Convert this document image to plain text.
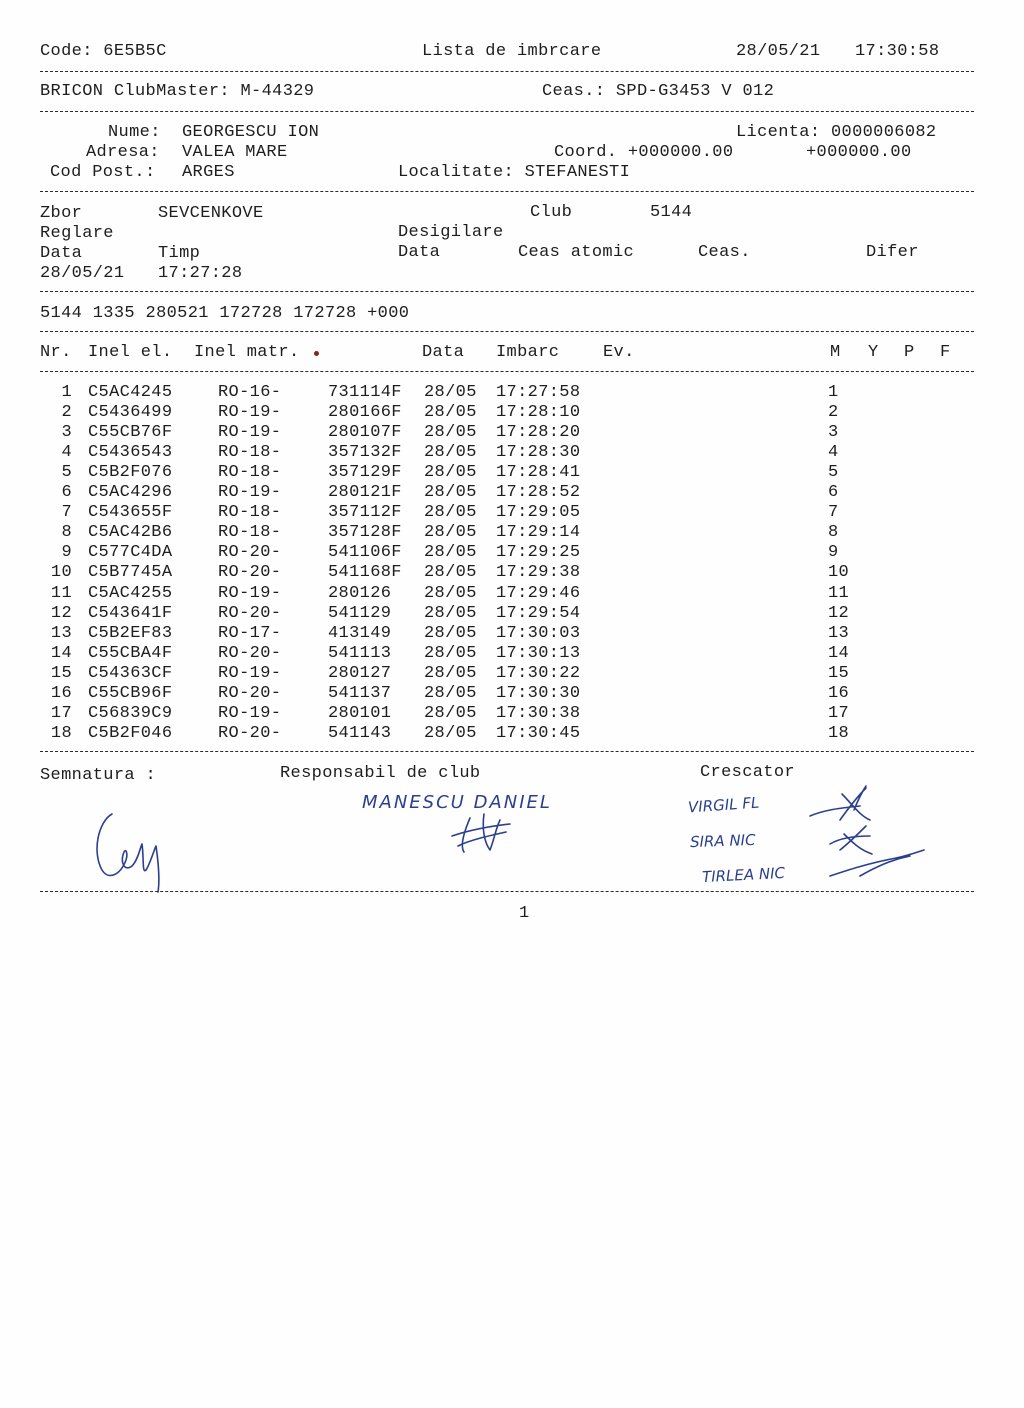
Code: 6E5B5C	Lista de imbrcare	28/05/21 17:30:58
BRICON ClubMaster: M-44329	Ceas.: SPD-G3453 V 012
Nume: GEORGESCU ION	Licenta: 0000006082
Adresa: VALEA MARE	Coord. +000000.00	+000000.00
Cod Post.: ARGES	Localitate: STEFANESTI
Zbor	SEVCENKOVE	Club	5144
Reglare	Desigilare
Data	Timp	Data	Ceas atomic	Ceas.	Difer
28/05/21 17:27:28
5144 1335 280521 172728 172728 +000
Nr. Inel el. Inel matr.	Data Imbarc	Ev.	M Y P F
1 C5AC4245	RO-16-	731114F 28/05 17:27:58	1
2 C5436499	RO-19-	280166F 28/05 17:28:10	2
3 C55CB76F	RO-19-	280107F 28/05 17:28:20	3
4 C5436543	RO-18-	357132F 28/05 17:28:30	4
5 C5B2F076	RO-18-	357129F 28/05 17:28:41	5
6 C5AC4296	RO-19-	280121F 28/05 17:28:52	6
7 C543655F	RO-18-	357112F 28/05 17:29:05	7
8 C5AC42B6	RO-18-	357128F 28/05 17:29:14	8
9 C577C4DA	RO-20-	541106F 28/05 17:29:25	9
10 C5B7745A	RO-20-	541168F 28/05 17:29:38	10
11 C5AC4255	RO-19-	280126 28/05 17:29:46	11
12 C543641F	RO-20-	541129 28/05 17:29:54	12
13 C5B2EF83	RO-17-	413149 28/05 17:30:03	13
14 C55CBA4F	RO-20-	541113 28/05 17:30:13	14
15 C54363CF	RO-19-	280127 28/05 17:30:22	15
16 C55CB96F	RO-20-	541137 28/05 17:30:30	16
17 C56839C9	RO-19-	280101 28/05 17:30:38	17
18 C5B2F046	RO-20-	541143 28/05 17:30:45	18
Semnatura :	Responsabil de club	Crescator
MANESCU DANIEL	VIRGIL FL
SIRA NIC
TIRLEA NIC
1
